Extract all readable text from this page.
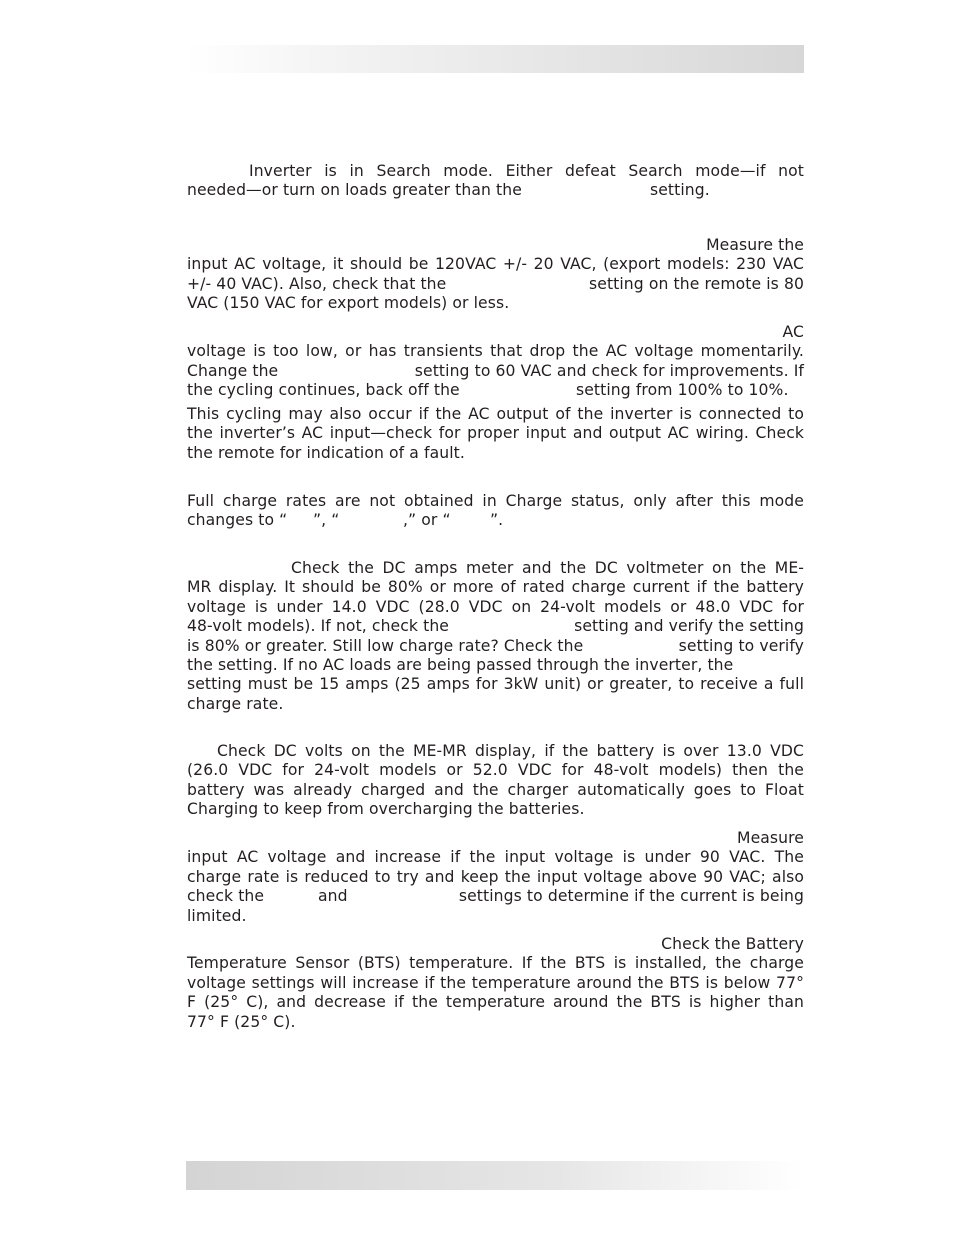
Inverter is in Search mode. Either defeat Search mode—if not
needed—or turn on loads greater than the	setting.
Measure the
input AC voltage, it should be 120VAC +/- 20 VAC, (export models: 230 VAC
+/- 40 VAC). Also, check that the	setting on the remote is 80
VAC (150 VAC for export models) or less.
AC
voltage is too low, or has transients that drop the AC voltage momentarily.
Change the	setting to 60 VAC and check for improvements. If
the cycling continues, back off the	setting from 100% to 10%.
This cycling may also occur if the AC output of the inverter is connected to
the inverter’s AC input—check for proper input and output AC wiring. Check
the remote for indication of a fault.
Full charge rates are not obtained in Charge status, only after this mode
changes to “ ”, “	,” or “	”.
Check the DC amps meter and the DC voltmeter on the ME-
MR display. It should be 80% or more of rated charge current if the battery
voltage is under 14.0 VDC (28.0 VDC on 24-volt models or 48.0 VDC for
48-volt models). If not, check the	setting and verify the setting
is 80% or greater. Still low charge rate? Check the	setting to verify
the setting. If no AC loads are being passed through the inverter, the
setting must be 15 amps (25 amps for 3kW unit) or greater, to receive a full
charge rate.
Check DC volts on the ME-MR display, if the battery is over 13.0 VDC
(26.0 VDC for 24-volt models or 52.0 VDC for 48-volt models) then the
battery was already charged and the charger automatically goes to Float
Charging to keep from overcharging the batteries.
Measure
input AC voltage and increase if the input voltage is under 90 VAC. The
charge rate is reduced to try and keep the input voltage above 90 VAC; also
check the	and	settings to determine if the current is being
limited.
Check the Battery
Temperature Sensor (BTS) temperature. If the BTS is installed, the charge
voltage settings will increase if the temperature around the BTS is below 77°
F (25° C), and decrease if the temperature around the BTS is higher than
77° F (25° C).
